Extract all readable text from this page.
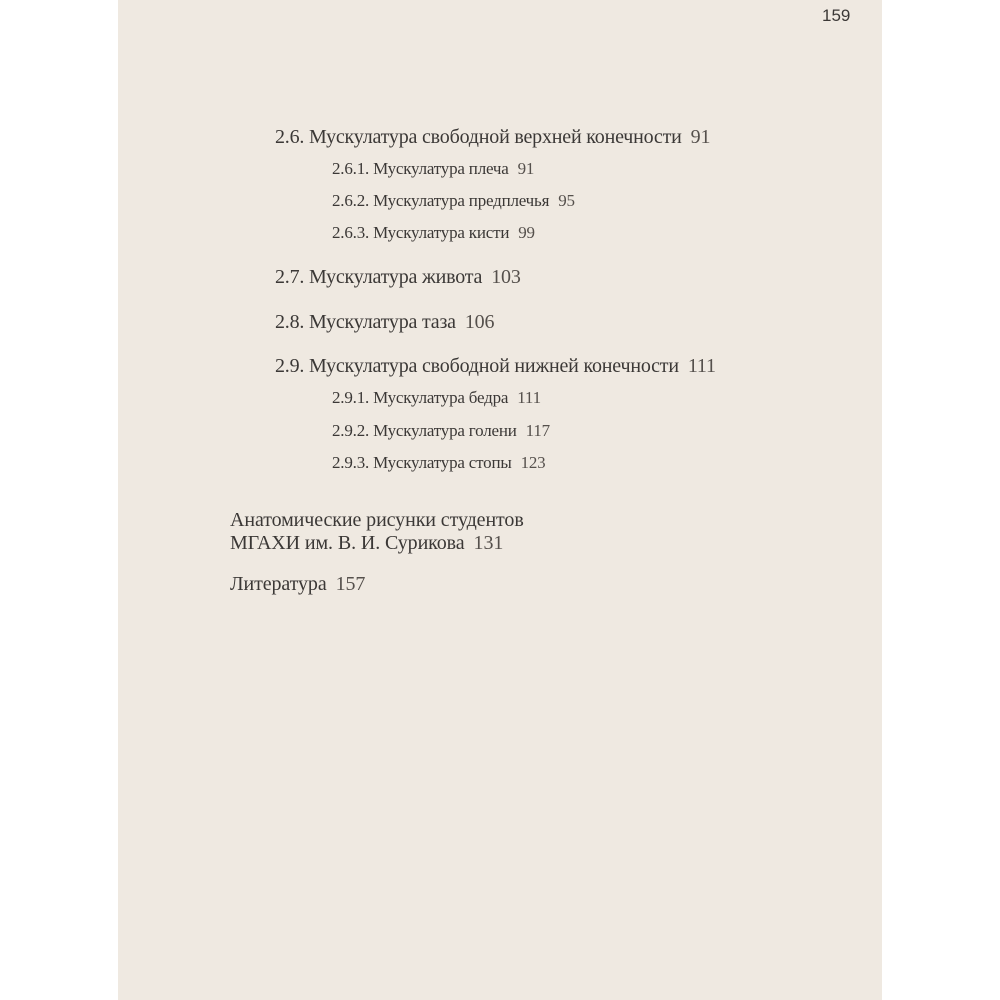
159
2.6. Мускулатура свободной верхней конечности 91
2.6.1. Мускулатура плеча 91
2.6.2. Мускулатура предплечья 95
2.6.3. Мускулатура кисти 99
2.7. Мускулатура живота 103
2.8. Мускулатура таза 106
2.9. Мускулатура свободной нижней конечности 111
2.9.1. Мускулатура бедра 111
2.9.2. Мускулатура голени 117
2.9.3. Мускулатура стопы 123
Анатомические рисунки студентов
МГАХИ им. В. И. Сурикова 131
Литература 157
